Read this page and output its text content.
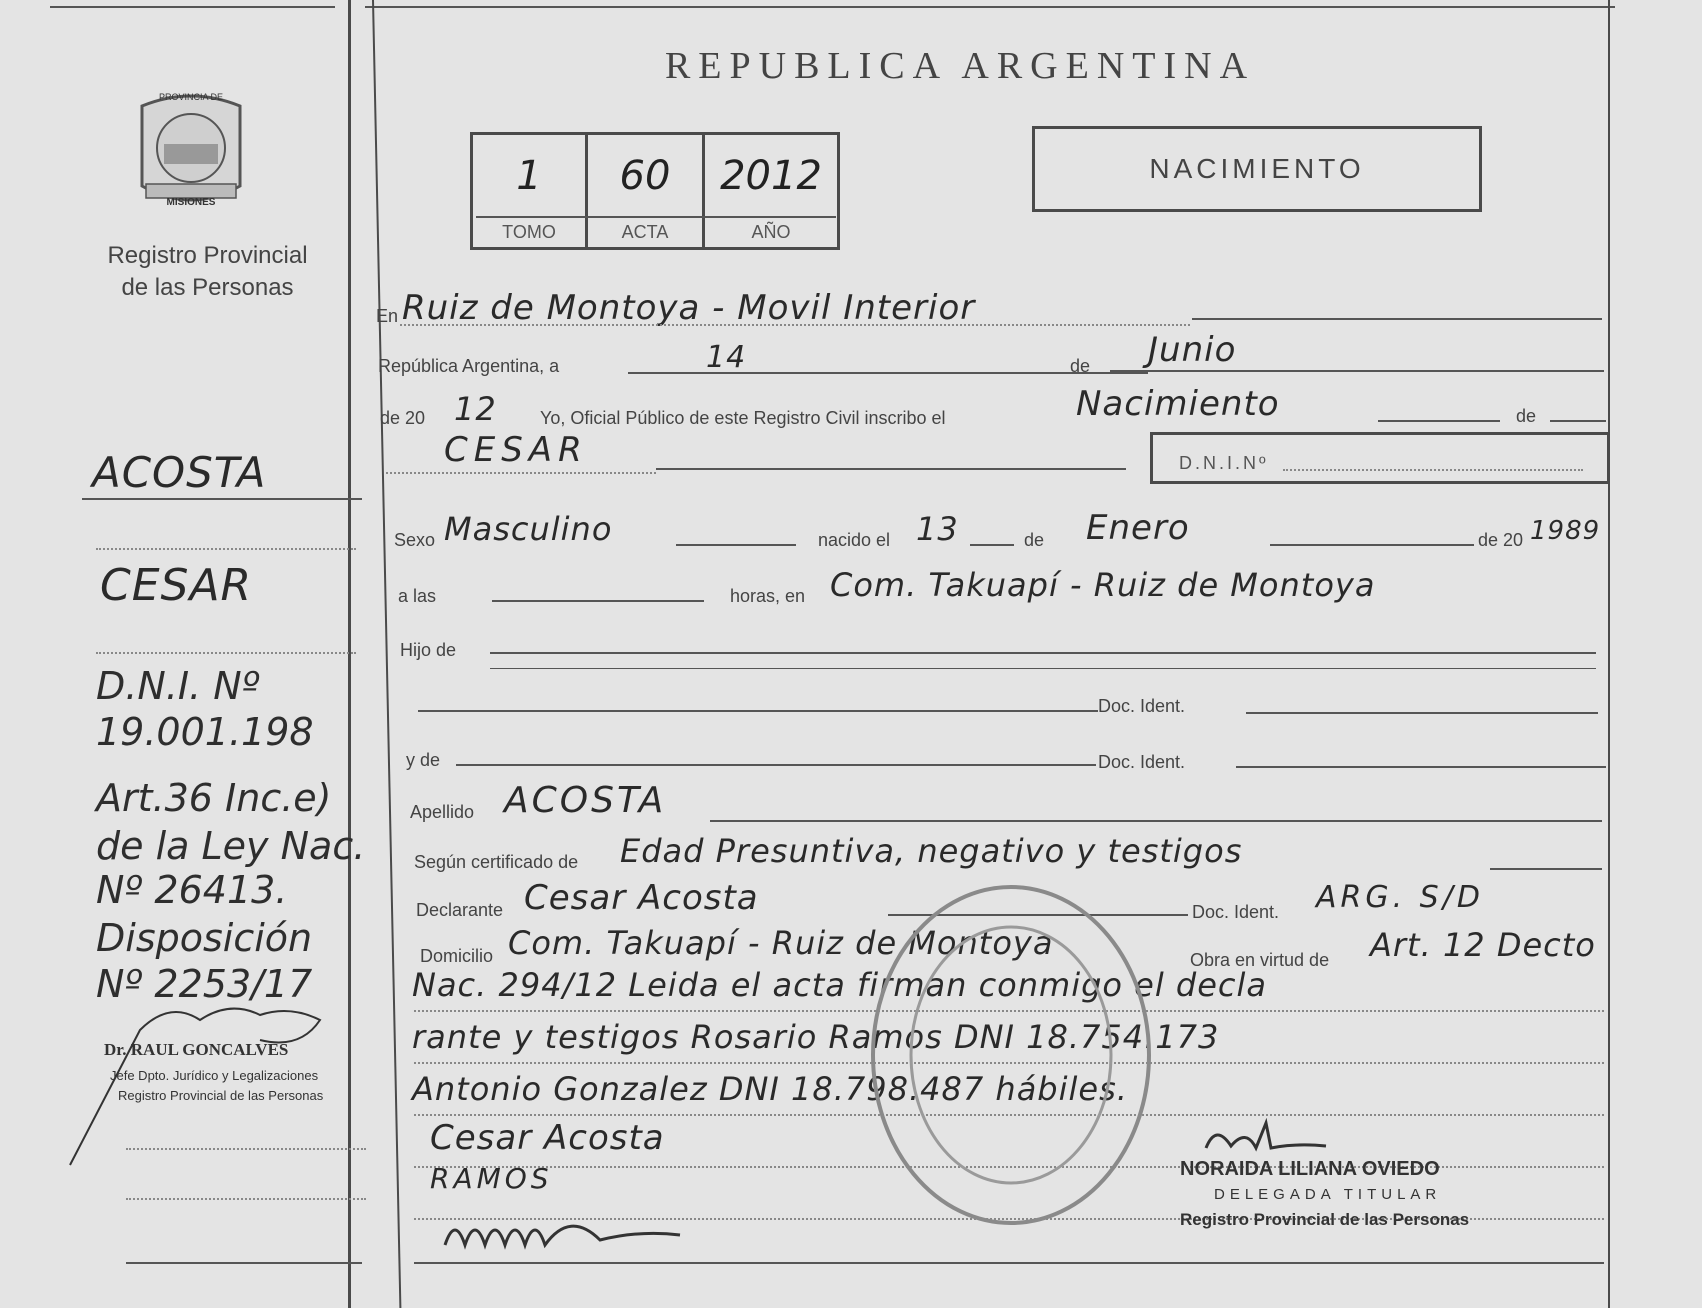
PROVINCIA DE
MISIONES
Registro Provincial
de las Personas
ACOSTA
CESAR
D.N.I. Nº
19.001.198
Art.36 Inc.e)
de la Ley Nac.
Nº 26413.
Disposición
Nº 2253/17
Dr. RAUL GONCALVES
Jefe Dpto. Jurídico y Legalizaciones
Registro Provincial de las Personas
REPUBLICA ARGENTINA
1
TOMO
60
ACTA
2012
AÑO
NACIMIENTO
En Ruiz de Montoya - Movil Interior
República Argentina, a	14	de Junio
de 20 12 Yo, Oficial Público de este Registro Civil inscribo el	Nacimiento	de
CESAR	D.N.I.Nº
Sexo Masculino	nacido el 13	de Enero	de 20 1989
a las	horas, en Com. Takuapí - Ruiz de Montoya
Hijo de
Doc. Ident.
y de	Doc. Ident.
Apellido ACOSTA
Según certificado de Edad Presuntiva, negativo y testigos
Declarante Cesar Acosta	Doc. Ident. ARG. S/D
Domicilio Com. Takuapí - Ruiz de Montoya	Obra en virtud de Art. 12 Decto
Nac. 294/12 Leida el acta firman conmigo el decla
rante y testigos Rosario Ramos DNI 18.754.173
Antonio Gonzalez DNI 18.798.487 hábiles.
Cesar Acosta
RAMOS	NORAIDA LILIANA OVIEDO
DELEGADA TITULAR
Registro Provincial de las Personas
